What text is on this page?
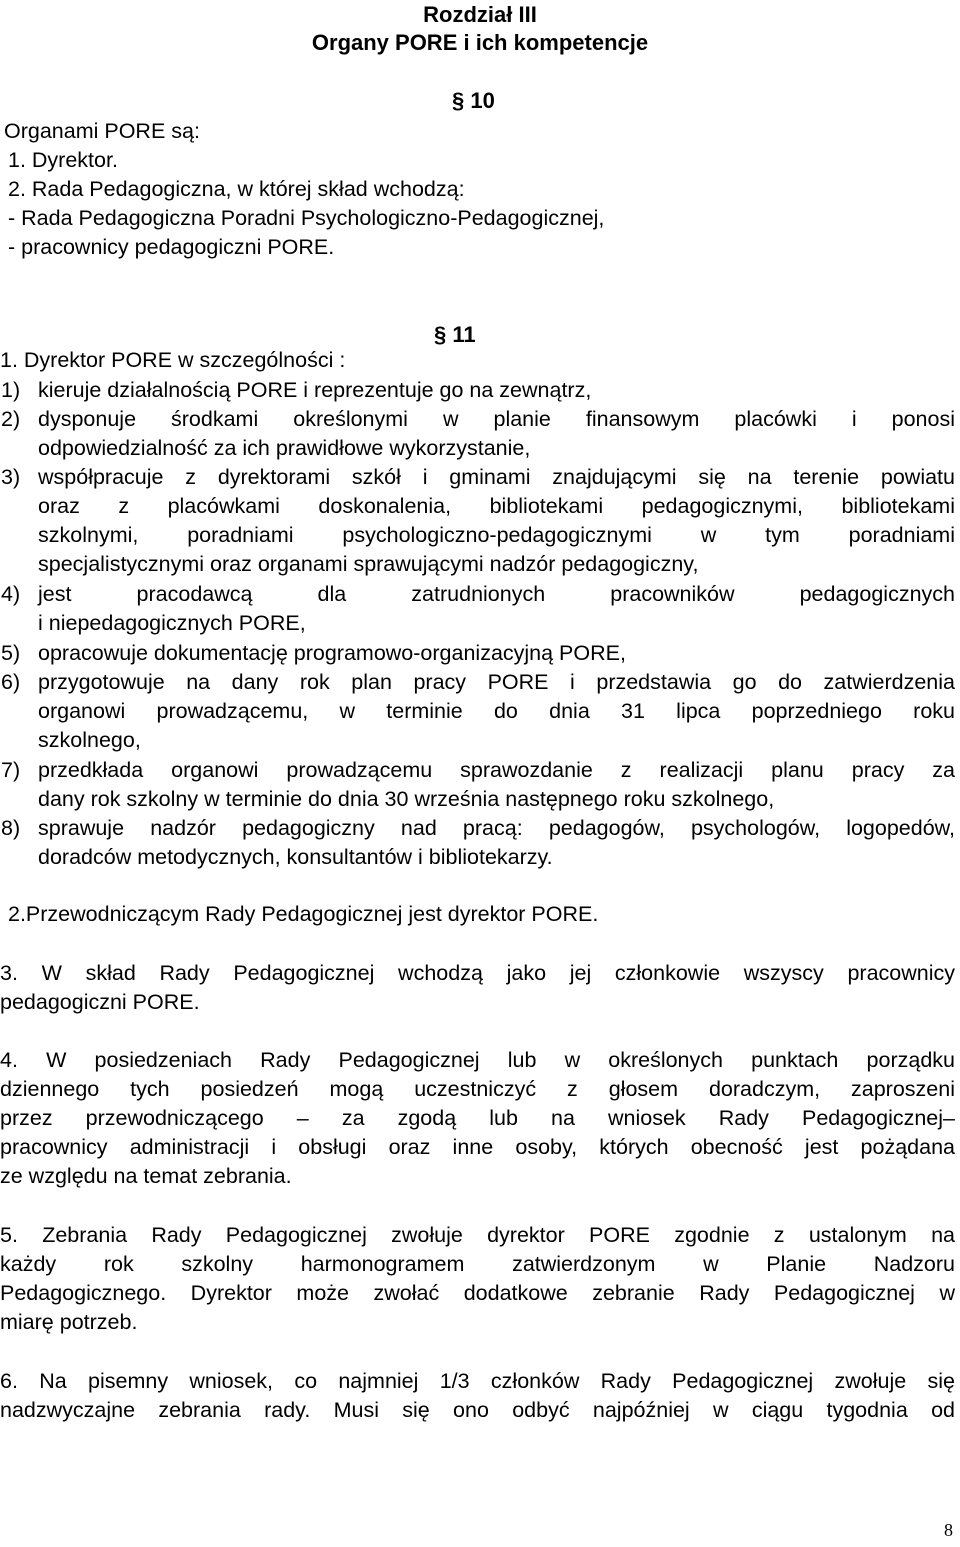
Rozdział III
Organy PORE i ich kompetencje
§ 10
Organami PORE są:
1. Dyrektor.
2. Rada Pedagogiczna, w której skład wchodzą:
- Rada Pedagogiczna Poradni Psychologiczno-Pedagogicznej,
- pracownicy pedagogiczni PORE.
§ 11
1. Dyrektor PORE w szczególności :
1) kieruje działalnością PORE i reprezentuje go na zewnątrz,
2) dysponuje środkami określonymi w planie finansowym placówki i ponosi
odpowiedzialność za ich prawidłowe wykorzystanie,
3) współpracuje z dyrektorami szkół i gminami znajdującymi się na terenie powiatu
oraz z placówkami doskonalenia, bibliotekami pedagogicznymi, bibliotekami
szkolnymi, poradniami psychologiczno-pedagogicznymi w tym poradniami
specjalistycznymi oraz organami sprawującymi nadzór pedagogiczny,
4) jest pracodawcą dla zatrudnionych pracowników pedagogicznych
i niepedagogicznych PORE,
5) opracowuje dokumentację programowo-organizacyjną PORE,
6) przygotowuje na dany rok plan pracy PORE i przedstawia go do zatwierdzenia
organowi prowadzącemu, w terminie do dnia 31 lipca poprzedniego roku
szkolnego,
7) przedkłada organowi prowadzącemu sprawozdanie z realizacji planu pracy za
dany rok szkolny w terminie do dnia 30 września następnego roku szkolnego,
8) sprawuje nadzór pedagogiczny nad pracą: pedagogów, psychologów, logopedów,
doradców metodycznych, konsultantów i bibliotekarzy.
2.Przewodniczącym Rady Pedagogicznej jest dyrektor PORE.
3. W skład Rady Pedagogicznej wchodzą jako jej członkowie wszyscy pracownicy
pedagogiczni PORE.
4. W posiedzeniach Rady Pedagogicznej lub w określonych punktach porządku
dziennego tych posiedzeń mogą uczestniczyć z głosem doradczym, zaproszeni
przez przewodniczącego – za zgodą lub na wniosek Rady Pedagogicznej–
pracownicy administracji i obsługi oraz inne osoby, których obecność jest pożądana
ze względu na temat zebrania.
5. Zebrania Rady Pedagogicznej zwołuje dyrektor PORE zgodnie z ustalonym na
każdy rok szkolny harmonogramem zatwierdzonym w Planie Nadzoru
Pedagogicznego. Dyrektor może zwołać dodatkowe zebranie Rady Pedagogicznej w
miarę potrzeb.
6. Na pisemny wniosek, co najmniej 1/3 członków Rady Pedagogicznej zwołuje się
nadzwyczajne zebrania rady. Musi się ono odbyć najpóźniej w ciągu tygodnia od
8
